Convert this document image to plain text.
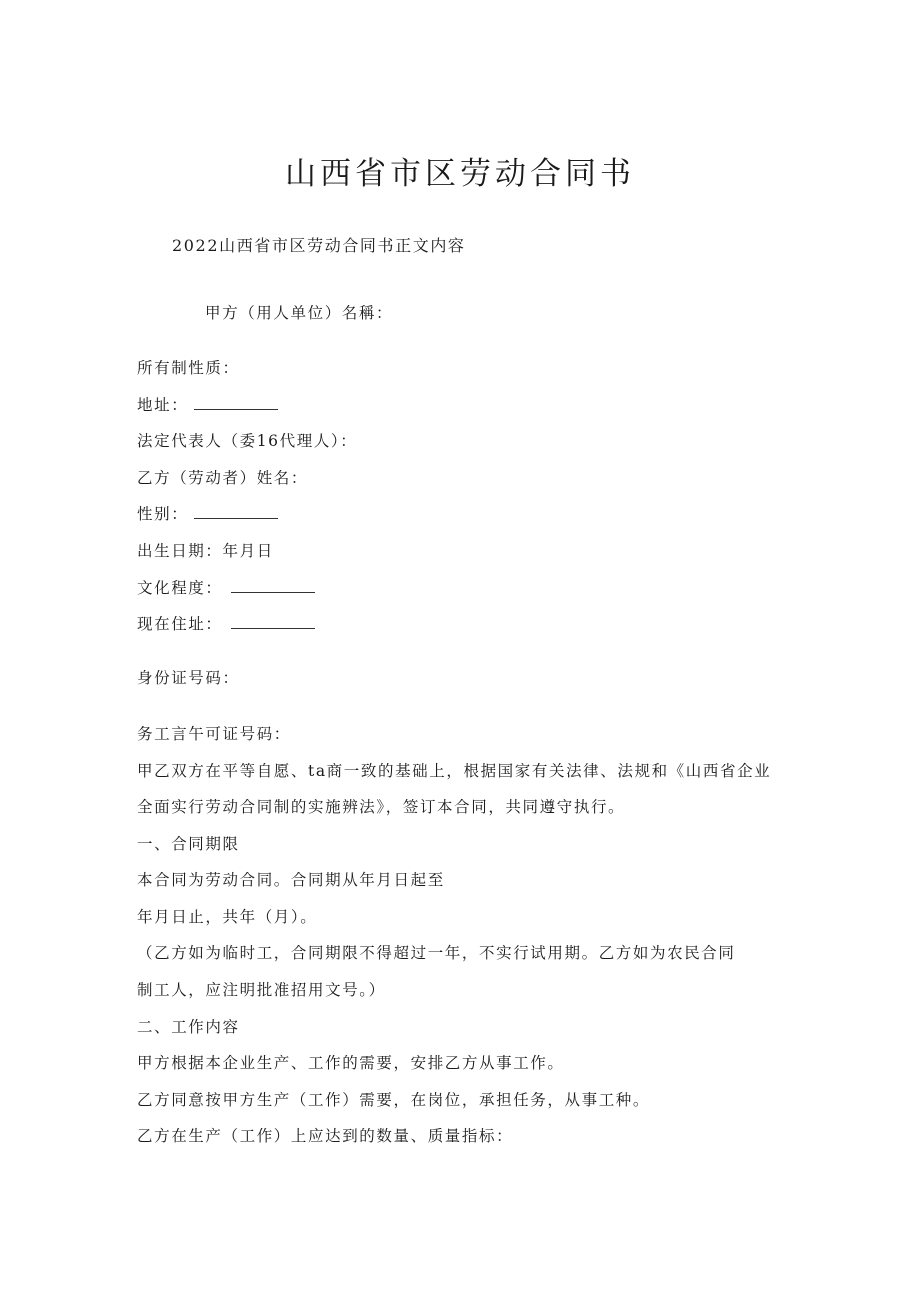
山西省市区劳动合同书
2022山西省市区劳动合同书正文内容
甲方（用人单位）名稱：
所有制性质：
地址：
法定代表人（委16代理人）：
乙方（劳动者）姓名：
性别：
出生日期：年月日
文化程度：
现在住址：
身份证号码：
务工言午可证号码：
甲乙双方在平等自愿、ta商一致的基础上，根据国家有关法律、法规和《山西省企业
全面实行劳动合同制的实施辨法》，签订本合同，共同遵守执行。
一、合同期限
本合同为劳动合同。合同期从年月日起至
年月日止，共年（月）。
（乙方如为临时工，合同期限不得超过一年，不实行试用期。乙方如为农民合同
制工人，应注明批准招用文号。）
二、工作内容
甲方根据本企业生产、工作的需要，安排乙方从事工作。
乙方同意按甲方生产（工作）需要，在岗位，承担任务，从事工种。
乙方在生产（工作）上应达到的数量、质量指标：
